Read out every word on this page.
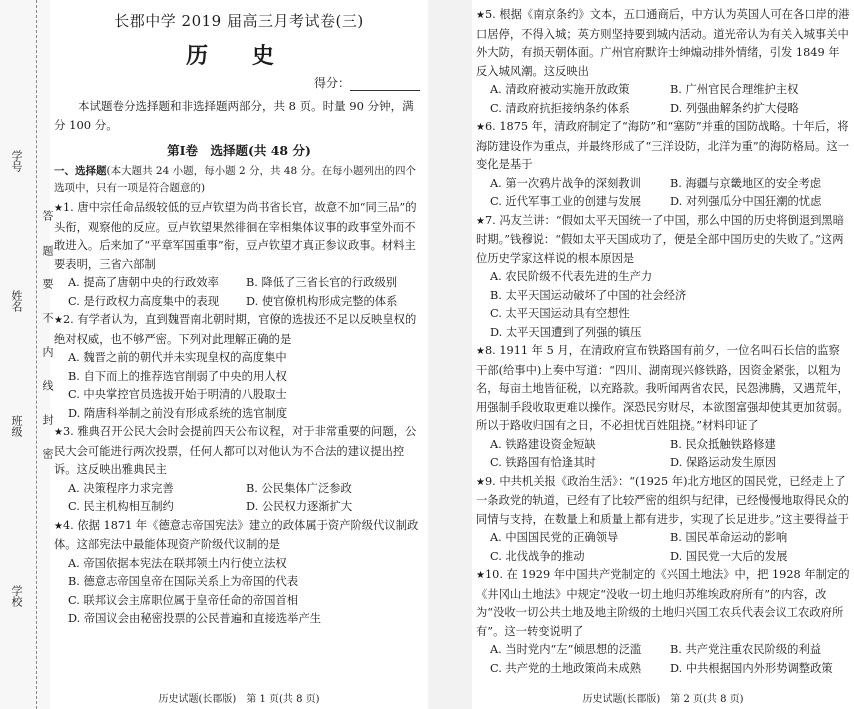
学号
姓名
班级
学校
答
题
要
不
内
线
封
密
长郡中学 2019 届高三月考试卷(三)
历 史
得分：

本试题卷分选择题和非选择题两部分，共 8 页。时量 90 分钟，满分 100 分。

第Ⅰ卷　选择题(共 48 分)
一、选择题(本大题共 24 小题，每小题 2 分，共 48 分。在每小题列出的四个选项中，只有一项是符合题意的)

★1. 唐中宗任命品级较低的豆卢钦望为尚书省长官，故意不加“同三品”的头衔，观察他的反应。豆卢钦望果然徘徊在宰相集体议事的政事堂外而不敢进入。后来加了“平章军国重事”衔，豆卢钦望才真正参议政事。材料主要表明，三省六部制

A. 提高了唐朝中央的行政效率	B. 降低了三省长官的行政级别
C. 是行政权力高度集中的表现	D. 使官僚机构形成完整的体系

★2. 有学者认为，直到魏晋南北朝时期，官僚的选拔还不足以反映皇权的绝对权威，也不够严密。下列对此理解正确的是

A. 魏晋之前的朝代并未实现皇权的高度集中
B. 自下而上的推荐选官削弱了中央的用人权
C. 中央掌控官员选拔开始于明清的八股取士
D. 隋唐科举制之前没有形成系统的选官制度

★3. 雅典召开公民大会时会提前四天公布议程，对于非常重要的问题，公民大会可能进行两次投票，任何人都可以对他认为不合法的建议提出控诉。这反映出雅典民主

A. 决策程序力求完善	B. 公民集体广泛参政
C. 民主机构相互制约	D. 公民权力逐渐扩大

★4. 依据 1871 年《德意志帝国宪法》建立的政体属于资产阶级代议制政体。这部宪法中最能体现资产阶级代议制的是

A. 帝国依据本宪法在联邦领土内行使立法权
B. 德意志帝国皇帝在国际关系上为帝国的代表
C. 联邦议会主席职位属于皇帝任命的帝国首相
D. 帝国议会由秘密投票的公民普遍和直接选举产生
历史试题(长郡版)　第 1 页(共 8 页)

★5. 根据《南京条约》文本，五口通商后，中方认为英国人可在各口岸的港口居停，不得入城；英方则坚持要到城内活动。道光帝认为有关入城事关中外大防，有损天朝体面。广州官府默许士绅煽动排外情绪，引发 1849 年反入城风潮。这反映出

A. 清政府被动实施开放政策	B. 广州官民合理维护主权
C. 清政府抗拒接纳条约体系	D. 列强曲解条约扩大侵略

★6. 1875 年，清政府制定了“海防”和“塞防”并重的国防战略。十年后，将海防建设作为重点，并最终形成了“三洋设防，北洋为重”的海防格局。这一变化是基于

A. 第一次鸦片战争的深刻教训	B. 海疆与京畿地区的安全考虑
C. 近代军事工业的创建与发展	D. 对列强瓜分中国狂潮的忧虑

★7. 冯友兰讲：“假如太平天国统一了中国，那么中国的历史将倒退到黑暗时期。”钱穆说：“假如太平天国成功了，便是全部中国历史的失败了。”这两位历史学家这样说的根本原因是

A. 农民阶级不代表先进的生产力
B. 太平天国运动破坏了中国的社会经济
C. 太平天国运动具有空想性
D. 太平天国遭到了列强的镇压

★8. 1911 年 5 月，在清政府宣布铁路国有前夕，一位名叫石长信的监察干部(给事中)上奏中写道：“四川、湖南现兴修铁路，因资金紧张，以粗为名，每亩土地皆征税，以充路款。我听闻两省农民，民怨沸腾，又遇荒年，用强制手段收取更难以操作。深恐民穷财尽，本欲图富强却使其更加贫弱。所以于路收归国有之日，不必担忧百姓阻挠。”材料印证了

A. 铁路建设资金短缺	B. 民众抵触铁路修建
C. 铁路国有恰逢其时	D. 保路运动发生原因

★9. 中共机关报《政治生活》：“(1925 年)北方地区的国民党，已经走上了一条政党的轨道，已经有了比较严密的组织与纪律，已经慢慢地取得民众的同情与支持，在数量上和质量上都有进步，实现了长足进步。”这主要得益于

A. 中国国民党的正确领导	B. 国民革命运动的影响
C. 北伐战争的推动	D. 国民党一大后的发展

★10. 在 1929 年中国共产党制定的《兴国土地法》中，把 1928 年制定的《井冈山土地法》中规定“没收一切土地归苏维埃政府所有”的内容，改为“没收一切公共土地及地主阶级的土地归兴国工农兵代表会议工农政府所有”。这一转变说明了

A. 当时党内“左”倾思想的泛滥	B. 共产党注重农民阶级的利益
C. 共产党的土地政策尚未成熟	D. 中共根据国内外形势调整政策
历史试题(长郡版)　第 2 页(共 8 页)
